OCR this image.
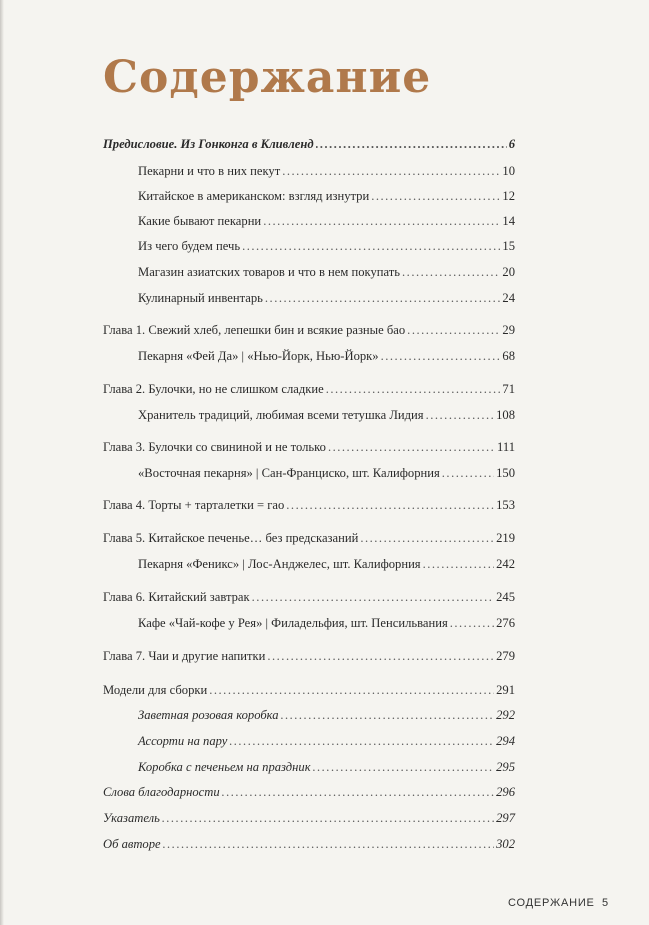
Содержание
Предисловие. Из Гонконга в Кливленд .....	6
Пекарни и что в них пекут .....	10
Китайское в американском: взгляд изнутри .....	12
Какие бывают пекарни .....	14
Из чего будем печь .....	15
Магазин азиатских товаров и что в нем покупать .....	20
Кулинарный инвентарь .....	24
Глава 1. Свежий хлеб, лепешки бин и всякие разные бао .....	29
Пекарня «Фей Да» | «Нью-Йорк, Нью-Йорк» .....	68
Глава 2. Булочки, но не слишком сладкие .....	71
Хранитель традиций, любимая всеми тетушка Лидия .....	108
Глава 3. Булочки со свининой и не только .....	111
«Восточная пекарня» | Сан-Франциско, шт. Калифорния .....	150
Глава 4. Торты + тарталетки = гао .....	153
Глава 5. Китайское печенье… без предсказаний .....	219
Пекарня «Феникс» | Лос-Анджелес, шт. Калифорния .....	242
Глава 6. Китайский завтрак .....	245
Кафе «Чай-кофе у Рея» | Филадельфия, шт. Пенсильвания .....	276
Глава 7. Чаи и другие напитки .....	279
Модели для сборки .....	291
Заветная розовая коробка .....	292
Ассорти на пару .....	294
Коробка с печеньем на праздник .....	295
Слова благодарности .....	296
Указатель .....	297
Об авторе .....	302
СОДЕРЖАНИЕ 5
